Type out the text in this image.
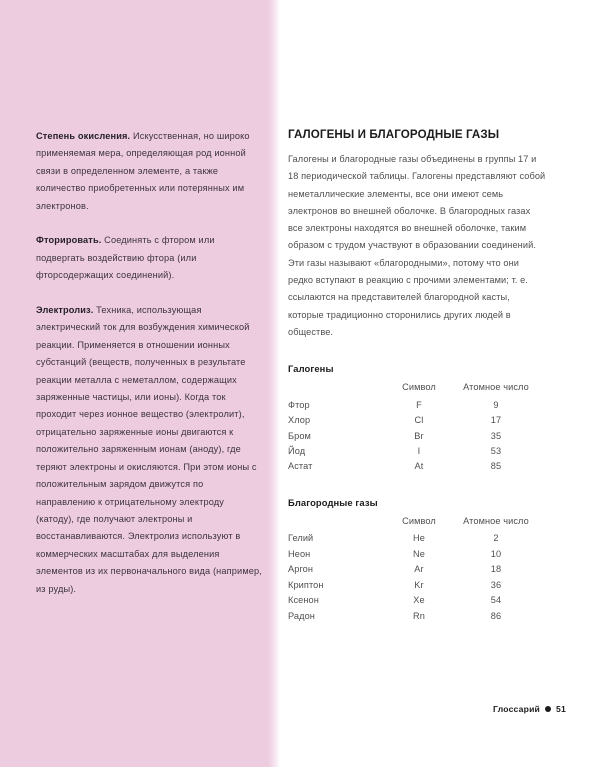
Степень окисления. Искусственная, но широко применяемая мера, определяющая род ионной связи в определенном элементе, а также количество приобретенных или потерянных им электронов.

Фторировать. Соединять с фтором или подвергать воздействию фтора (или фторсодержащих соединений).

Электролиз. Техника, использующая электрический ток для возбуждения химической реакции. Применяется в отношении ионных субстанций (веществ, полученных в результате реакции металла с неметаллом, содержащих заряженные частицы, или ионы). Когда ток проходит через ионное вещество (электролит), отрицательно заряженные ионы двигаются к положительно заряженным ионам (аноду), где теряют электроны и окисляются. При этом ионы с положительным зарядом движутся по направлению к отрицательному электроду (катоду), где получают электроны и восстанавливаются. Электролиз используют в коммерческих масштабах для выделения элементов из их первоначального вида (например, из руды).

ГАЛОГЕНЫ И БЛАГОРОДНЫЕ ГАЗЫ

Галогены и благородные газы объединены в группы 17 и 18 периодической таблицы. Галогены представляют собой неметаллические элементы, все они имеют семь электронов во внешней оболочке. В благородных газах все электроны находятся во внешней оболочке, таким образом с трудом участвуют в образовании соединений. Эти газы называют «благородными», потому что они редко вступают в реакцию с прочими элементами; т. е. ссылаются на представителей благородной касты, которые традиционно сторонились других людей в обществе.

Галогены
	Символ	Атомное число
Фтор	F	9
Хлор	Cl	17
Бром	Br	35
Йод	I	53
Астат	At	85
Благородные газы
	Символ	Атомное число
Гелий	He	2
Неон	Ne	10
Аргон	Ar	18
Криптон	Kr	36
Ксенон	Xe	54
Радон	Rn	86
Глоссарий 51
